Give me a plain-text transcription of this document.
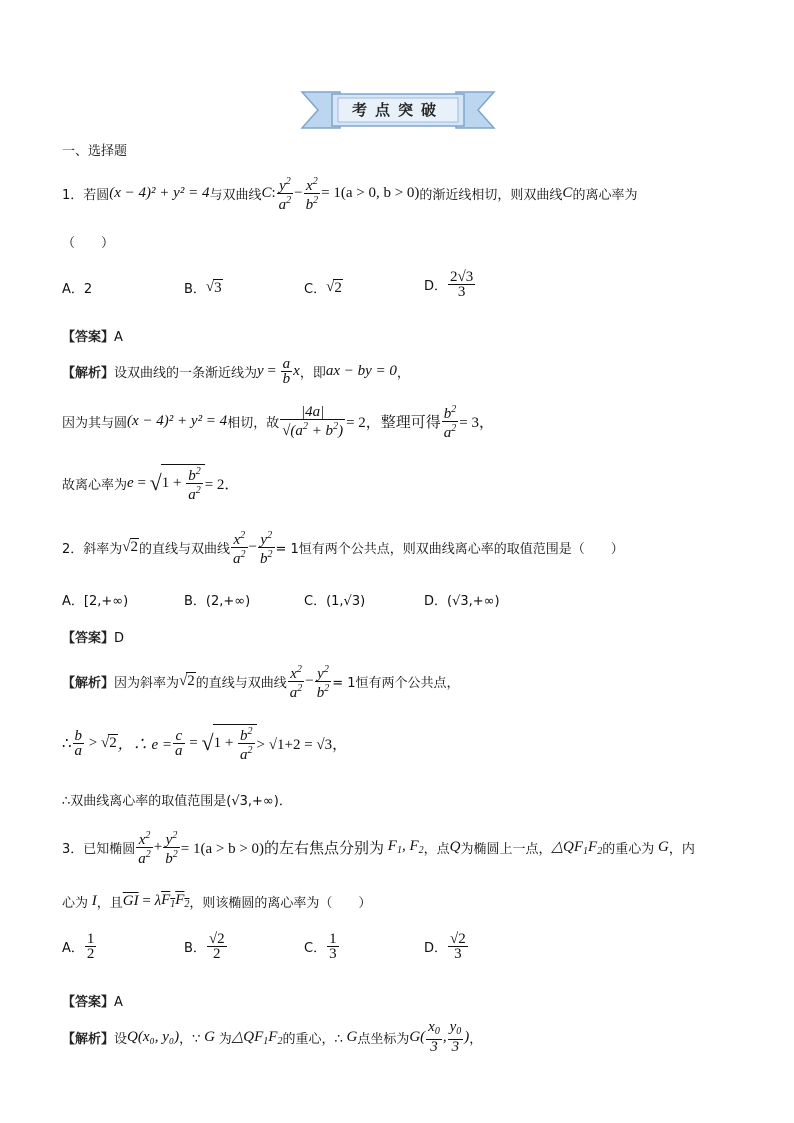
考点突破
一、选择题
1．若圆 (x − 4)² + y² = 4 与双曲线 C : $\frac{y^2}{a^2} - \frac{x^2}{b^2} = 1(a > 0$, b > 0) 的渐近线相切，则双曲线 C 的离心率为
（　　）
A．2	B． √ 3	C． √ 2	D． $\frac{2√3}{3}$
【答案】A
【解析】 设双曲线的一条渐近线为 $y = \frac{a}{b}$ x ，即 ax − by = 0 ，
因为其与圆 (x − 4)² + y² = 4 相切，故 $\frac{|4a|}{√(a^2 + b^2)} = 2$，整理可得 $\frac{b^2}{a^2} = 3$，
故离心率为 e = √ $1 + \frac{b^2}{a^2} = 2$．
2．斜率为 √ 2 的直线与双曲线 $\frac{x^2}{a^2} - \frac{y^2}{b^2} = 1$恒有两个公共点，则双曲线离心率的取值范围是（　　）
A．[2,+∞)	B．(2,+∞)	C．(1,√3)	D．(√3,+∞)
【答案】D
【解析】 因为斜率为 √ 2 的直线与双曲线 $\frac{x^2}{a^2} - \frac{y^2}{b^2} = 1$恒有两个公共点，
∴ $\frac{b}{a}$ > √ 2 ，∴ $e = \frac{c}{a}$ = √ $1 + \frac{b^2}{a^2} > √1+2 = √3$，
∴双曲线离心率的取值范围是(√3,+∞)．
3．已知椭圆 $\frac{x^2}{a^2} + \frac{y^2}{b^2} = 1(a > b > 0)$的左右焦点分别为 $F_1$, $F_2$ ，点 Q 为椭圆上一点， $\triangle QF_1F_2$ 的重心为 G ，内
心为 I ，且 $\overline{GI} = \lambda$ $F_1F_2$ ，则该椭圆的离心率为（　　）
A． $\frac{1}{2}$	B． $\frac{√2}{2}$	C． $\frac{1}{3}$	D． $\frac{√2}{3}$
【答案】A
【解析】 设 Q(x₀, y₀) ，∵ G 为 $\triangle QF_1F_2$ 的重心，∴ G 点坐标为 $G( \frac{x_0}{3}$ , $\frac{y_0}{3}$ ) ，
